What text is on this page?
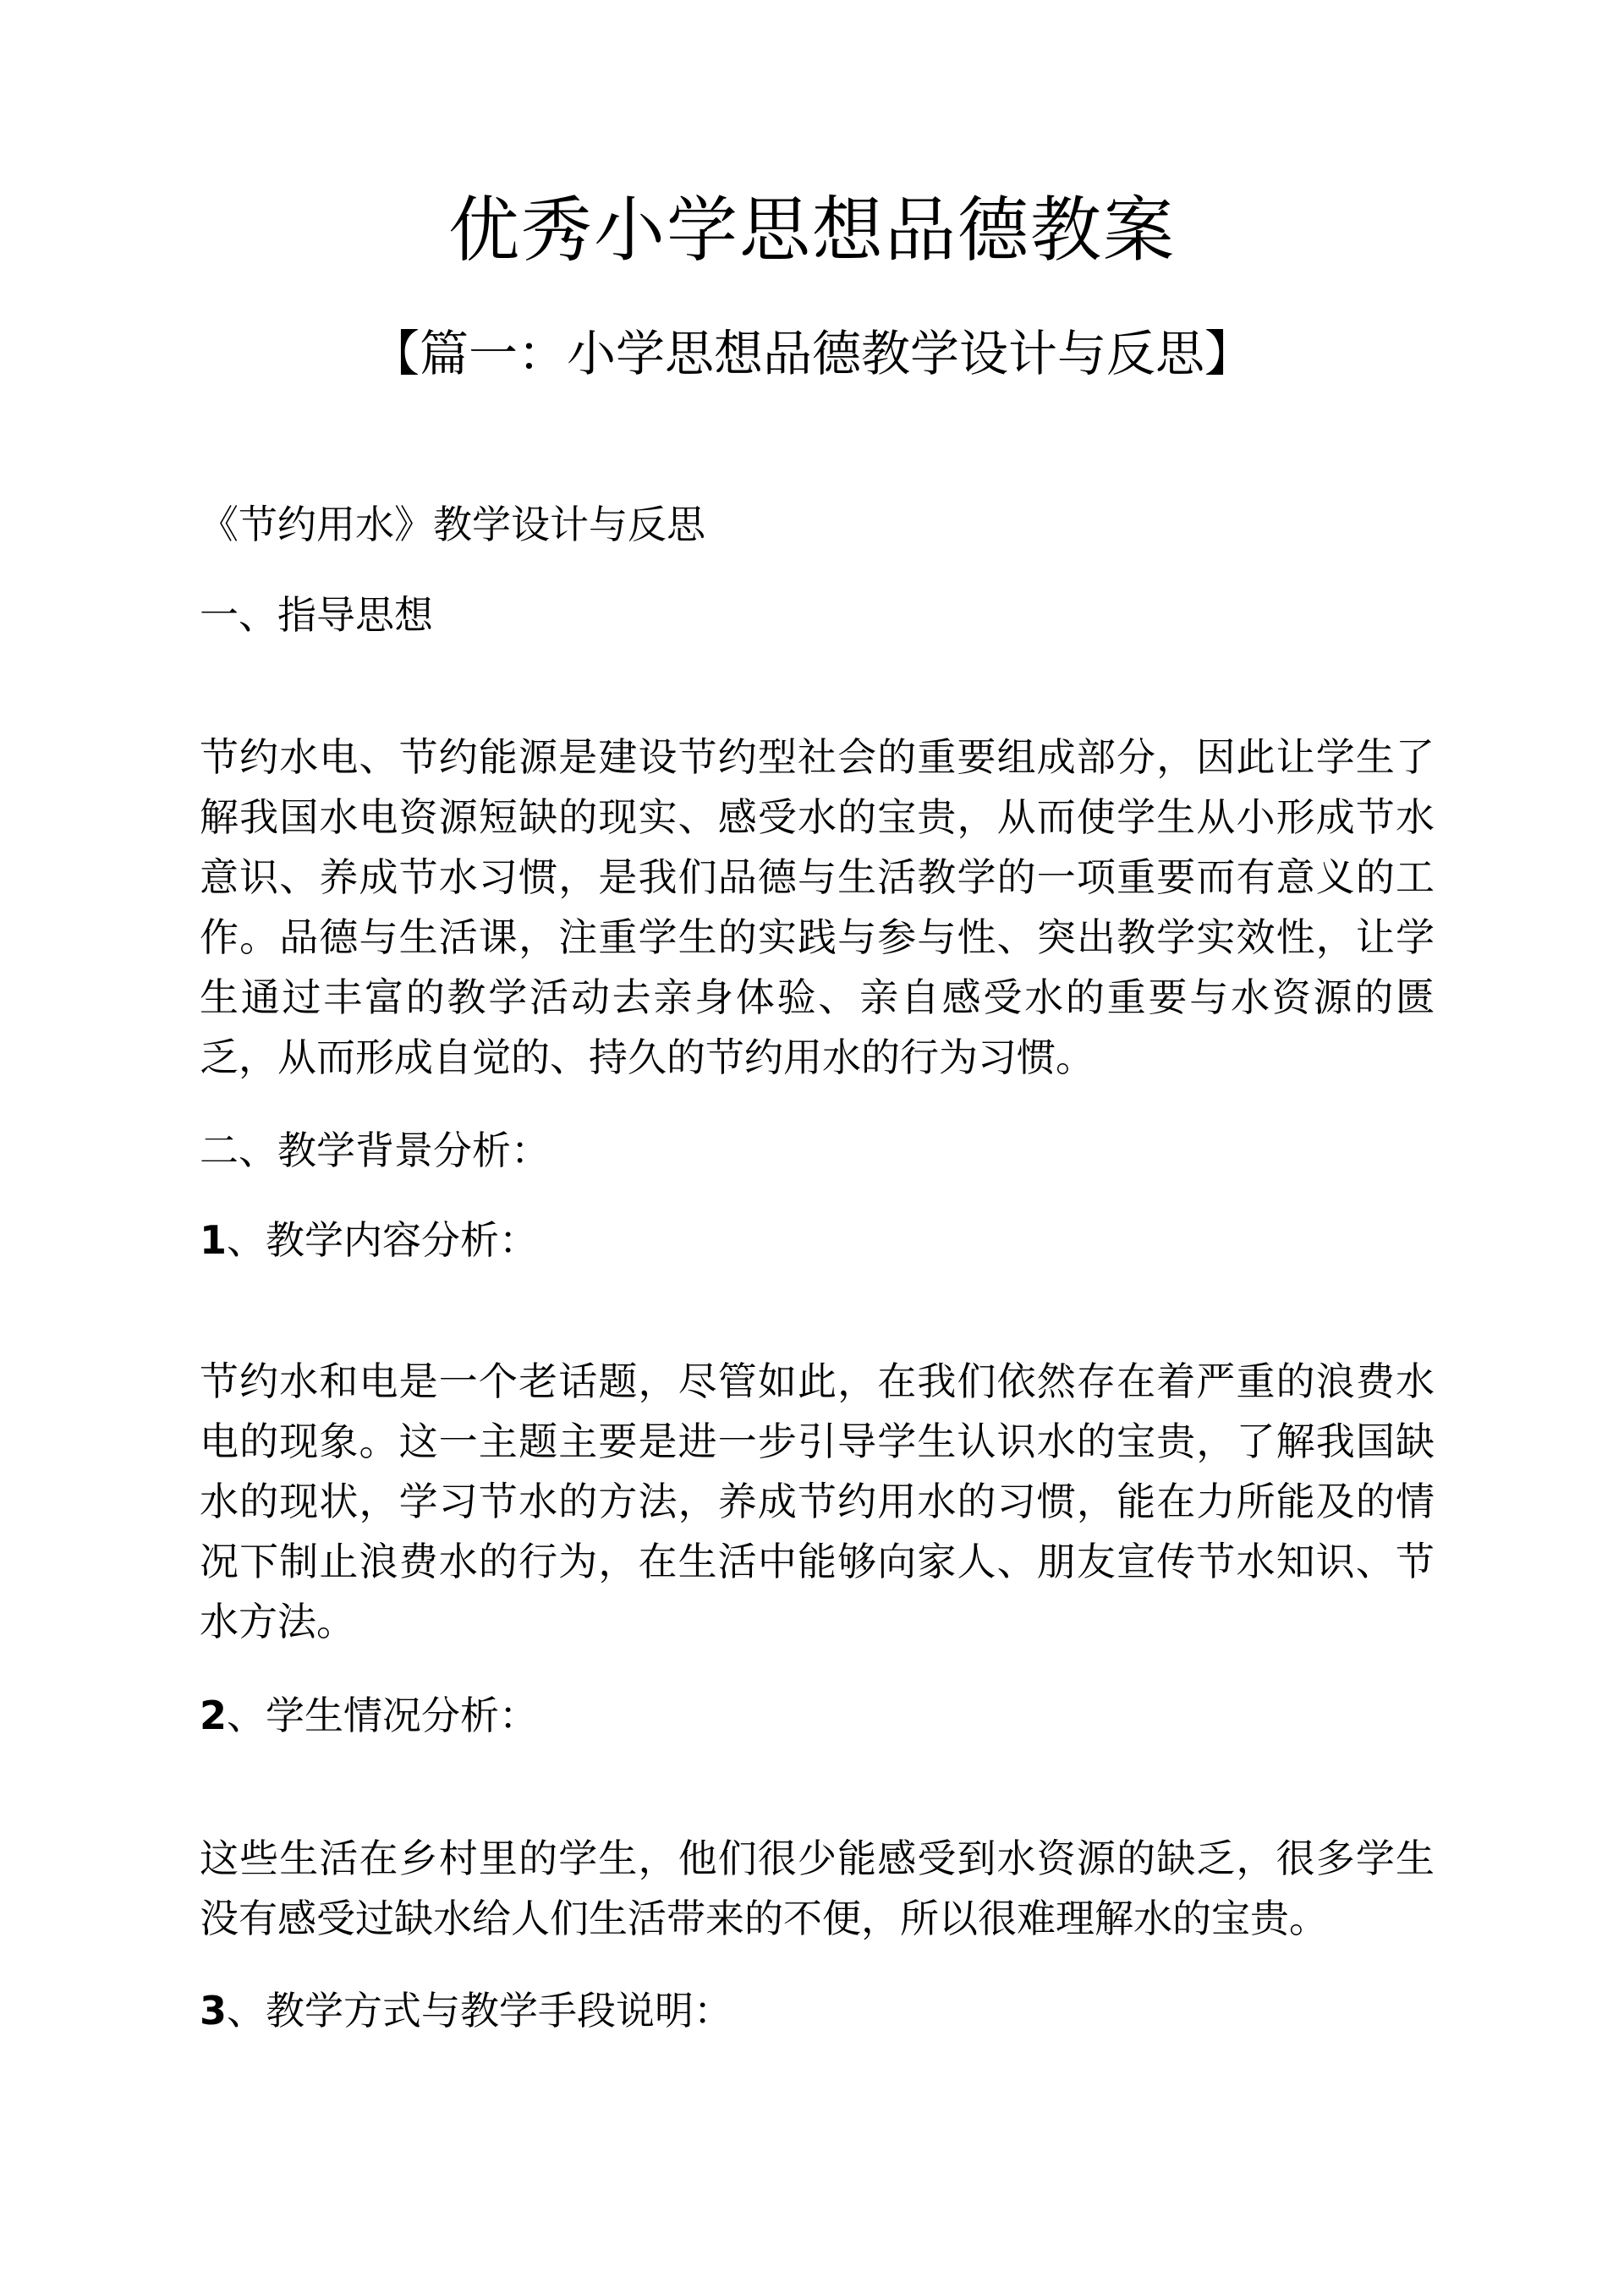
优秀小学思想品德教案
【篇一：小学思想品德教学设计与反思】

《节约用水》教学设计与反思

一、指导思想

节约水电、节约能源是建设节约型社会的重要组成部分，因此让学生了解我国水电资源短缺的现实、感受水的宝贵，从而使学生从小形成节水意识、养成节水习惯，是我们品德与生活教学的一项重要而有意义的工作。品德与生活课，注重学生的实践与参与性、突出教学实效性，让学生通过丰富的教学活动去亲身体验、亲自感受水的重要与水资源的匮乏，从而形成自觉的、持久的节约用水的行为习惯。

二、教学背景分析：

1、教学内容分析：

节约水和电是一个老话题，尽管如此，在我们依然存在着严重的浪费水电的现象。这一主题主要是进一步引导学生认识水的宝贵，了解我国缺水的现状，学习节水的方法，养成节约用水的习惯，能在力所能及的情况下制止浪费水的行为，在生活中能够向家人、朋友宣传节水知识、节水方法。

2、学生情况分析：

这些生活在乡村里的学生，他们很少能感受到水资源的缺乏，很多学生没有感受过缺水给人们生活带来的不便，所以很难理解水的宝贵。

3、教学方式与教学手段说明：
